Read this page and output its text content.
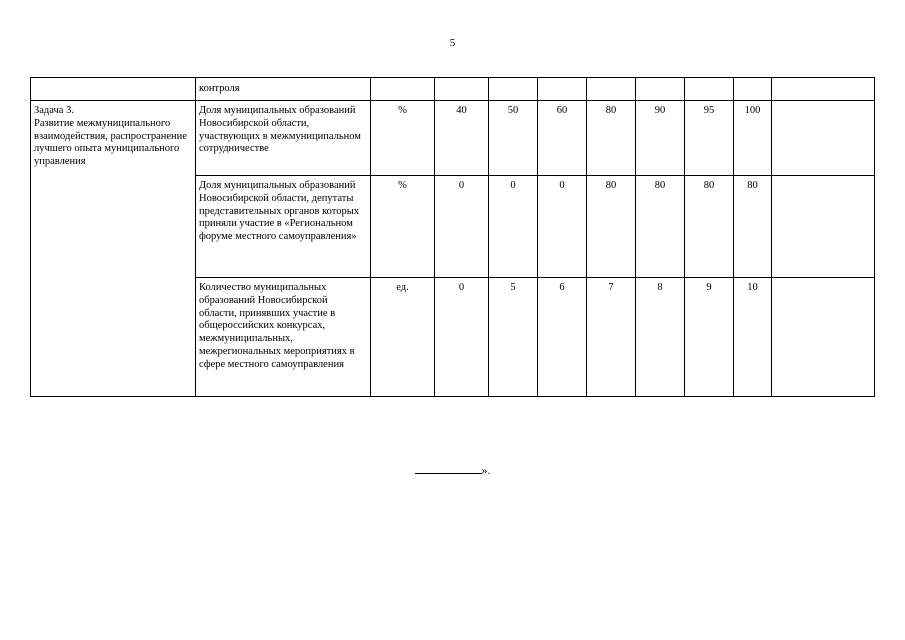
5
	контроля									
Задача 3.
Развитие межмуниципального взаимодействия, распространение лучшего опыта муниципального управления	Доля муниципальных образований Новосибирской области, участвующих в межмуниципальном сотрудничестве	%	40	50	60	80	90	95	100	
	Доля муниципальных образований Новосибирской области, депутаты представительных органов которых приняли участие в «Региональном форуме местного самоуправления»	%	0	0	0	80	80	80	80	
	Количество муниципальных образований Новосибирской области, принявших участие в общероссийских конкурсах, межмуниципальных, межрегиональных мероприятиях в сфере местного самоуправления	ед.	0	5	6	7	8	9	10	
».
